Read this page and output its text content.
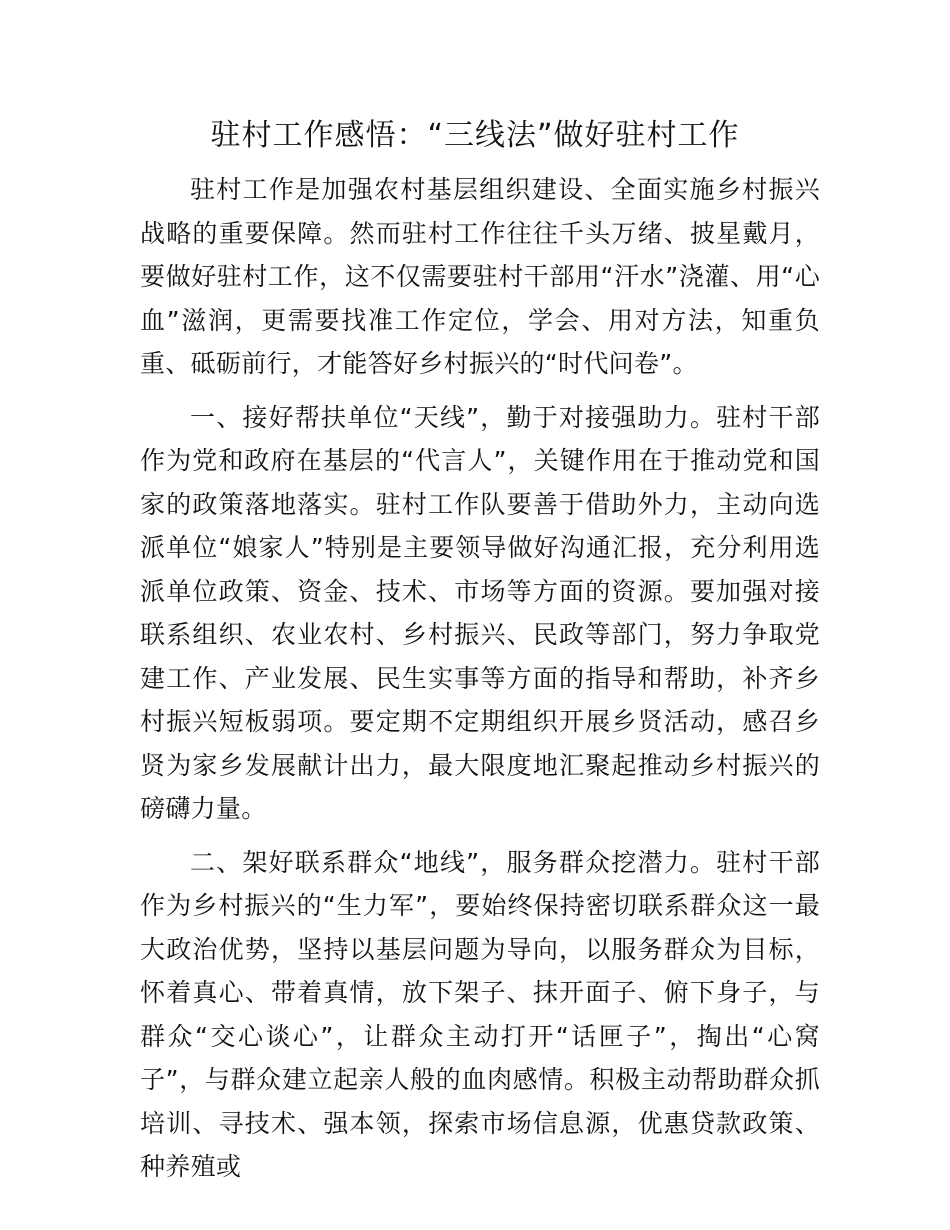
驻村工作感悟：“三线法”做好驻村工作

驻村工作是加强农村基层组织建设、全面实施乡村振兴战略的重要保障。然而驻村工作往往千头万绪、披星戴月，要做好驻村工作，这不仅需要驻村干部用“汗水”浇灌、用“心血”滋润，更需要找准工作定位，学会、用对方法，知重负重、砥砺前行，才能答好乡村振兴的“时代问卷”。

一、接好帮扶单位“天线”，勤于对接强助力。驻村干部作为党和政府在基层的“代言人”，关键作用在于推动党和国家的政策落地落实。驻村工作队要善于借助外力，主动向选派单位“娘家人”特别是主要领导做好沟通汇报，充分利用选派单位政策、资金、技术、市场等方面的资源。要加强对接联系组织、农业农村、乡村振兴、民政等部门，努力争取党建工作、产业发展、民生实事等方面的指导和帮助，补齐乡村振兴短板弱项。要定期不定期组织开展乡贤活动，感召乡贤为家乡发展献计出力，最大限度地汇聚起推动乡村振兴的磅礴力量。

二、架好联系群众“地线”，服务群众挖潜力。驻村干部作为乡村振兴的“生力军”，要始终保持密切联系群众这一最大政治优势，坚持以基层问题为导向，以服务群众为目标，怀着真心、带着真情，放下架子、抹开面子、俯下身子，与群众“交心谈心”，让群众主动打开“话匣子”，掏出“心窝子”，与群众建立起亲人般的血肉感情。积极主动帮助群众抓培训、寻技术、强本领，探索市场信息源，优惠贷款政策、种养殖或
